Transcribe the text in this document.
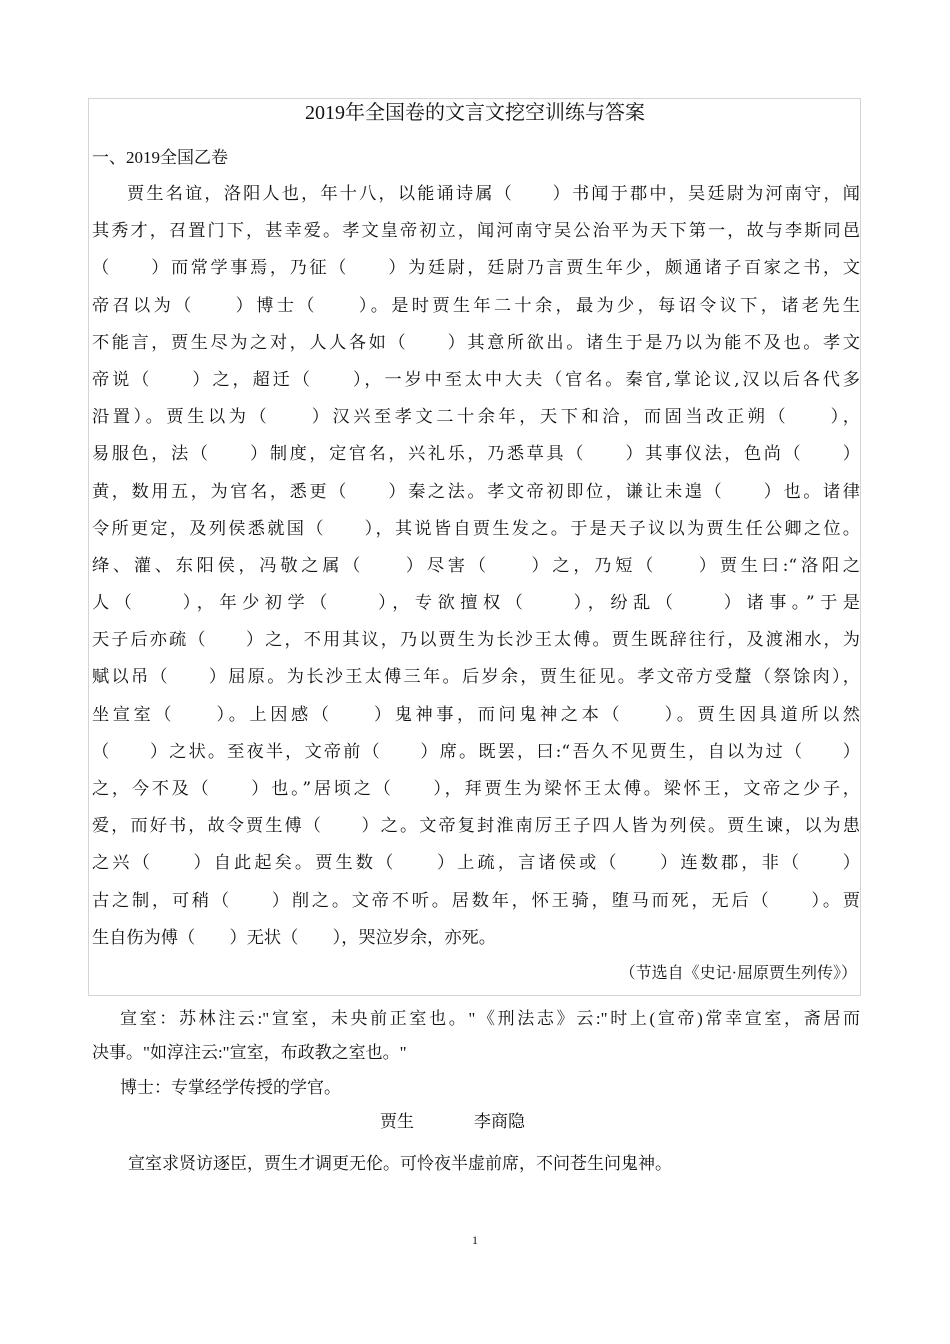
2019年全国卷的文言文挖空训练与答案
一、2019全国乙卷
贾生名谊，洛阳人也，年十八，以能诵诗属（　　）书闻于郡中，吴廷尉为河南守，闻
其秀才，召置门下，甚幸爱。孝文皇帝初立，闻河南守吴公治平为天下第一，故与李斯同邑
（　　）而常学事焉，乃征（　　）为廷尉，廷尉乃言贾生年少，颇通诸子百家之书，文
帝召以为（　　）博士（　　）。是时贾生年二十余，最为少，每诏令议下，诸老先生
不能言，贾生尽为之对，人人各如（　　）其意所欲出。诸生于是乃以为能不及也。孝文
帝说（　　）之，超迁（　　），一岁中至太中大夫（官名。秦官,掌论议,汉以后各代多
沿置）。贾生以为（　　）汉兴至孝文二十余年，天下和洽，而固当改正朔（　　），
易服色，法（　　）制度，定官名，兴礼乐，乃悉草具（　　）其事仪法，色尚（　　）
黄，数用五，为官名，悉更（　　）秦之法。孝文帝初即位，谦让未遑（　　）也。诸律
令所更定，及列侯悉就国（　　），其说皆自贾生发之。于是天子议以为贾生任公卿之位。
绛、灌、东阳侯，冯敬之属（　　）尽害（　　）之，乃短（　　）贾生曰:“洛阳之
人（　　），年少初学（　　），专欲擅权（　　），纷乱（　　）诸事。”于是
天子后亦疏（　　）之，不用其议，乃以贾生为长沙王太傅。贾生既辞往行，及渡湘水，为
赋以吊（　　）屈原。为长沙王太傅三年。后岁余，贾生征见。孝文帝方受釐（祭馀肉），
坐宣室（　　）。上因感（　　）鬼神事，而问鬼神之本（　　）。贾生因具道所以然
（　　）之状。至夜半，文帝前（　　）席。既罢，曰:“吾久不见贾生，自以为过（　　）
之，今不及（　　）也。”居顷之（　　），拜贾生为梁怀王太傅。梁怀王，文帝之少子，
爱，而好书，故令贾生傅（　　）之。文帝复封淮南厉王子四人皆为列侯。贾生谏，以为患
之兴（　　）自此起矣。贾生数（　　）上疏，言诸侯或（　　）连数郡，非（　　）
古之制，可稍（　　）削之。文帝不听。居数年，怀王骑，堕马而死，无后（　　）。贾
生自伤为傅（　　）无状（　　），哭泣岁余，亦死。
（节选自《史记·屈原贾生列传》）
宣室：苏林注云:"宣室，未央前正室也。"《刑法志》云:"时上(宣帝)常幸宣室，斋居而
决事。"如淳注云:"宣室，布政教之室也。"
博士：专掌经学传授的学官。
贾生	李商隐
宣室求贤访逐臣，贾生才调更无伦。可怜夜半虚前席，不问苍生问鬼神。
1
